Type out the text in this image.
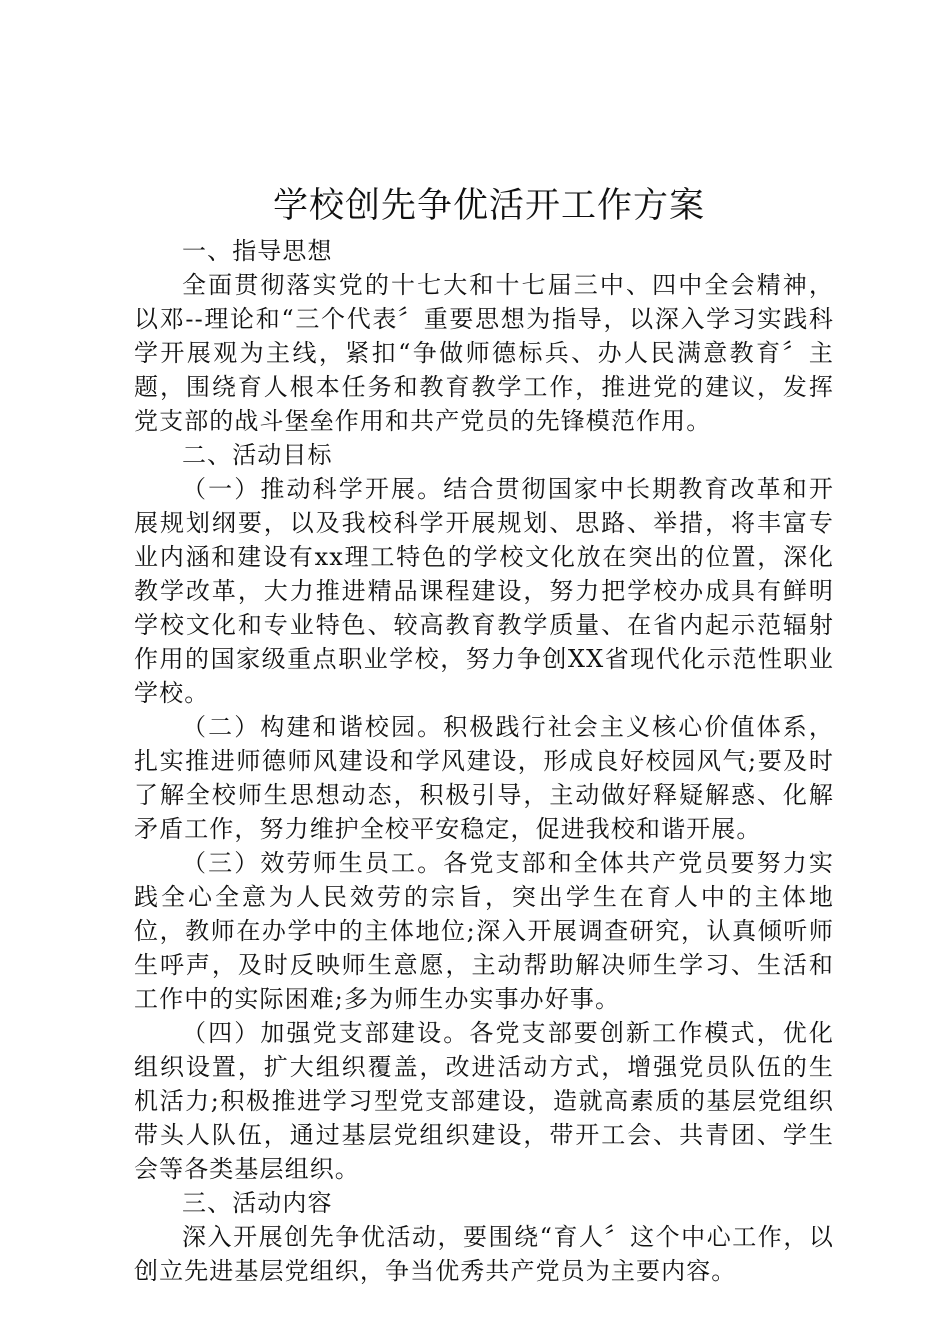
学校创先争优活开工作方案
一、指导思想

全面贯彻落实党的十七大和十七届三中、四中全会精神，以邓--理论和“三个代表〞重要思想为指导，以深入学习实践科学开展观为主线，紧扣“争做师德标兵、办人民满意教育〞主题，围绕育人根本任务和教育教学工作，推进党的建议，发挥党支部的战斗堡垒作用和共产党员的先锋模范作用。

二、活动目标

（一）推动科学开展。结合贯彻国家中长期教育改革和开展规划纲要，以及我校科学开展规划、思路、举措，将丰富专业内涵和建设有xx理工特色的学校文化放在突出的位置，深化教学改革，大力推进精品课程建设，努力把学校办成具有鲜明学校文化和专业特色、较高教育教学质量、在省内起示范辐射作用的国家级重点职业学校，努力争创XX省现代化示范性职业学校。

（二）构建和谐校园。积极践行社会主义核心价值体系，扎实推进师德师风建设和学风建设，形成良好校园风气;要及时了解全校师生思想动态，积极引导，主动做好释疑解惑、化解矛盾工作，努力维护全校平安稳定，促进我校和谐开展。

（三）效劳师生员工。各党支部和全体共产党员要努力实践全心全意为人民效劳的宗旨，突出学生在育人中的主体地位，教师在办学中的主体地位;深入开展调查研究，认真倾听师生呼声，及时反映师生意愿，主动帮助解决师生学习、生活和工作中的实际困难;多为师生办实事办好事。

（四）加强党支部建设。各党支部要创新工作模式，优化组织设置，扩大组织覆盖，改进活动方式，增强党员队伍的生机活力;积极推进学习型党支部建设，造就高素质的基层党组织带头人队伍，通过基层党组织建设，带开工会、共青团、学生会等各类基层组织。

三、活动内容

深入开展创先争优活动，要围绕“育人〞这个中心工作，以创立先进基层党组织，争当优秀共产党员为主要内容。
